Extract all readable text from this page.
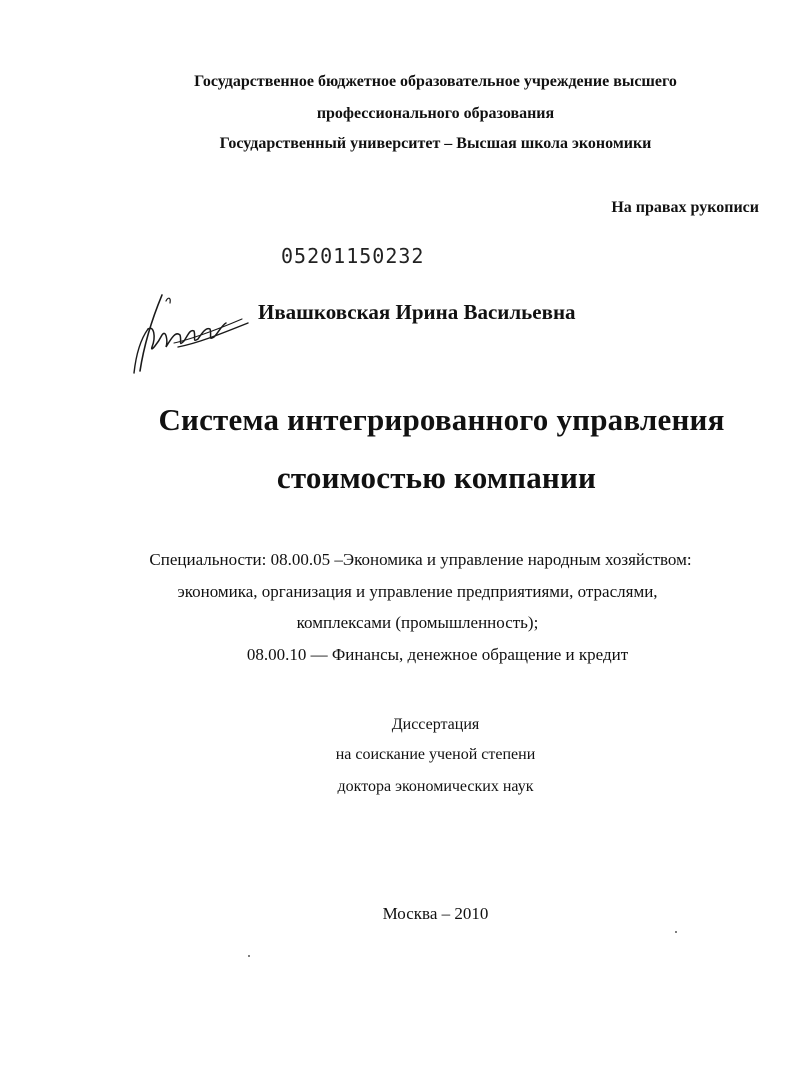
Государственное бюджетное образовательное учреждение высшего
профессионального образования
Государственный университет – Высшая школа экономики
На правах рукописи
05201150232
Ивашковская Ирина Васильевна
Система интегрированного управления
стоимостью компании
Специальности: 08.00.05 –Экономика и управление народным хозяйством:
экономика, организация и управление предприятиями, отраслями,
комплексами (промышленность);
08.00.10 — Финансы, денежное обращение и кредит
Диссертация
на соискание ученой степени
доктора экономических наук
Москва – 2010
